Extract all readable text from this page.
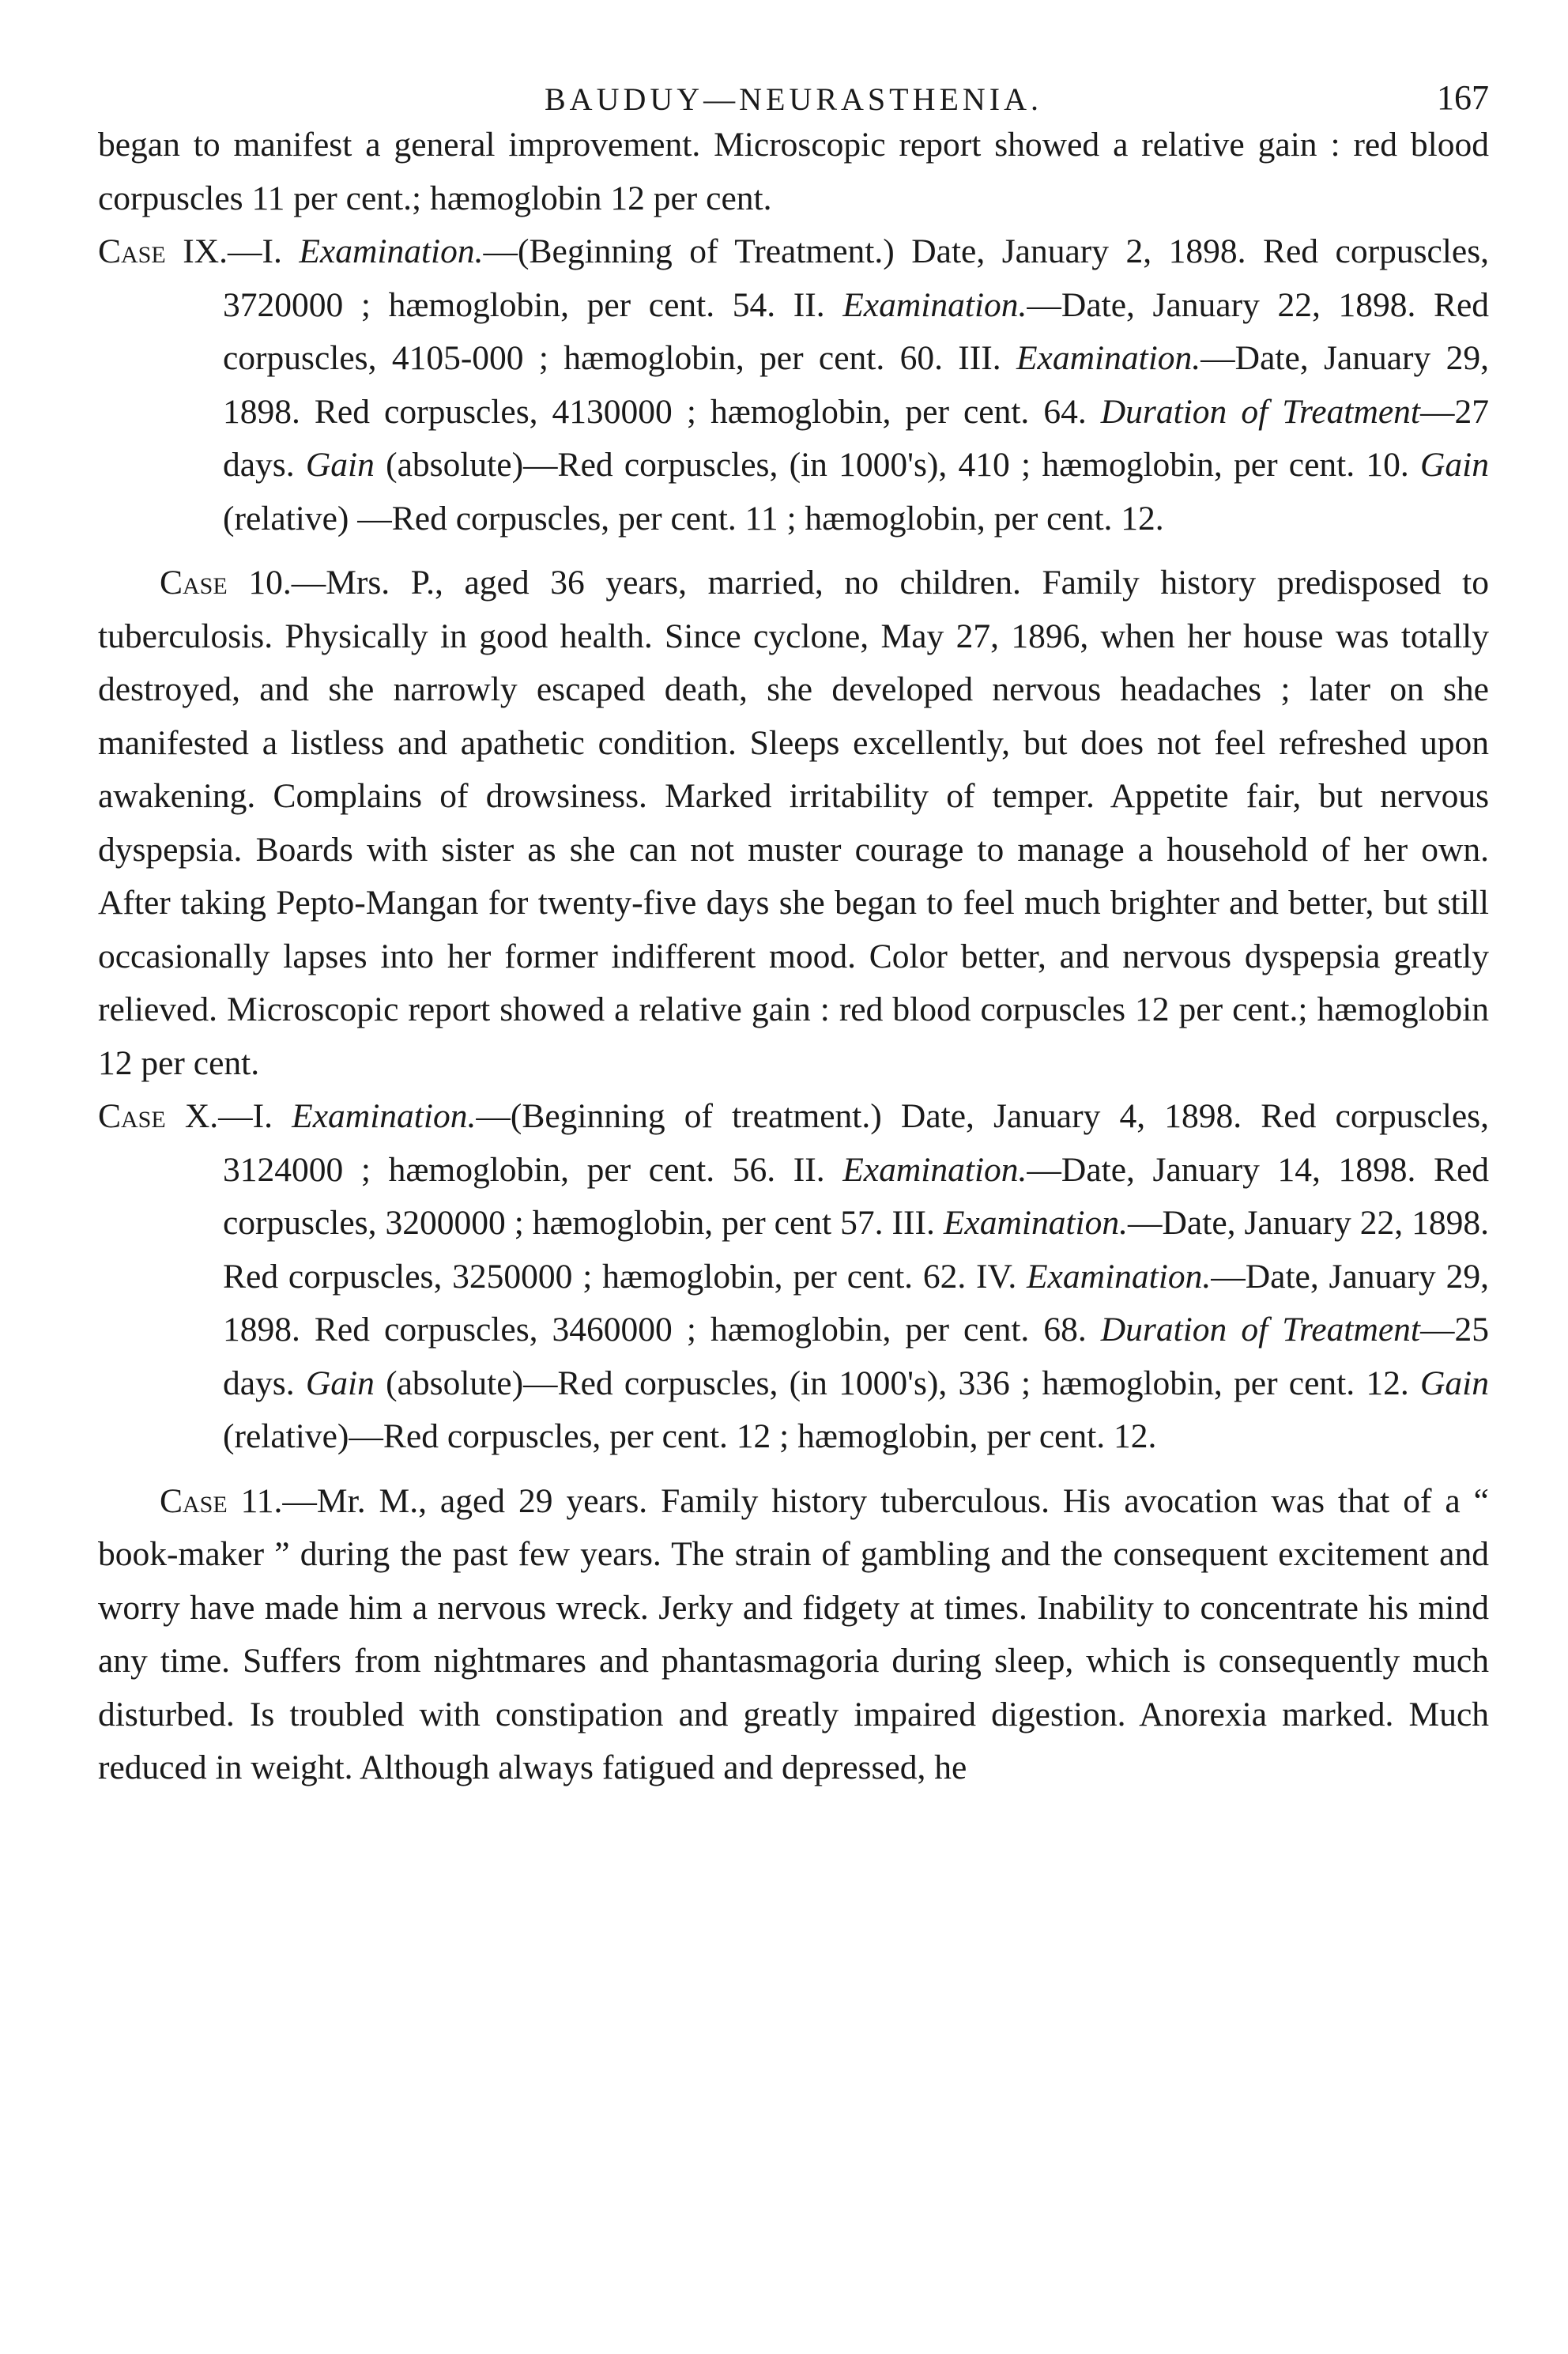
BAUDUY—NEURASTHENIA.	167

began to manifest a general improvement. Microscopic report showed a relative gain : red blood corpuscles 11 per cent.; hæmoglobin 12 per cent.

Case IX.—I. Examination.—(Beginning of Treatment.) Date, January 2, 1898. Red corpuscles, 3720000 ; hæmoglobin, per cent. 54. II. Examination.—Date, January 22, 1898. Red corpuscles, 4105-000 ; hæmoglobin, per cent. 60. III. Examination.—Date, January 29, 1898. Red corpuscles, 4130000 ; hæmoglobin, per cent. 64. Duration of Treatment—27 days. Gain (absolute)—Red corpuscles, (in 1000's), 410 ; hæmoglobin, per cent. 10. Gain (relative) —Red corpuscles, per cent. 11 ; hæmoglobin, per cent. 12.

Case 10.—Mrs. P., aged 36 years, married, no children. Family history predisposed to tuberculosis. Physically in good health. Since cyclone, May 27, 1896, when her house was totally destroyed, and she narrowly escaped death, she developed nervous headaches ; later on she manifested a listless and apathetic condition. Sleeps excellently, but does not feel refreshed upon awakening. Complains of drowsiness. Marked irritability of temper. Appetite fair, but nervous dyspepsia. Boards with sister as she can not muster courage to manage a household of her own. After taking Pepto-Mangan for twenty-five days she began to feel much brighter and better, but still occasionally lapses into her former indifferent mood. Color better, and nervous dyspepsia greatly relieved. Microscopic report showed a relative gain : red blood corpuscles 12 per cent.; hæmoglobin 12 per cent.

Case X.—I. Examination.—(Beginning of treatment.) Date, January 4, 1898. Red corpuscles, 3124000 ; hæmoglobin, per cent. 56. II. Examination.—Date, January 14, 1898. Red corpuscles, 3200000 ; hæmoglobin, per cent 57. III. Examination.—Date, January 22, 1898. Red corpuscles, 3250000 ; hæmoglobin, per cent. 62. IV. Examination.—Date, January 29, 1898. Red corpuscles, 3460000 ; hæmoglobin, per cent. 68. Duration of Treatment—25 days. Gain (absolute)—Red corpuscles, (in 1000's), 336 ; hæmoglobin, per cent. 12. Gain (relative)—Red corpuscles, per cent. 12 ; hæmoglobin, per cent. 12.

Case 11.—Mr. M., aged 29 years. Family history tuberculous. His avocation was that of a “ book-maker ” during the past few years. The strain of gambling and the consequent excitement and worry have made him a nervous wreck. Jerky and fidgety at times. Inability to concentrate his mind any time. Suffers from nightmares and phantasmagoria during sleep, which is consequently much disturbed. Is troubled with constipation and greatly impaired digestion. Anorexia marked. Much reduced in weight. Although always fatigued and depressed, he
